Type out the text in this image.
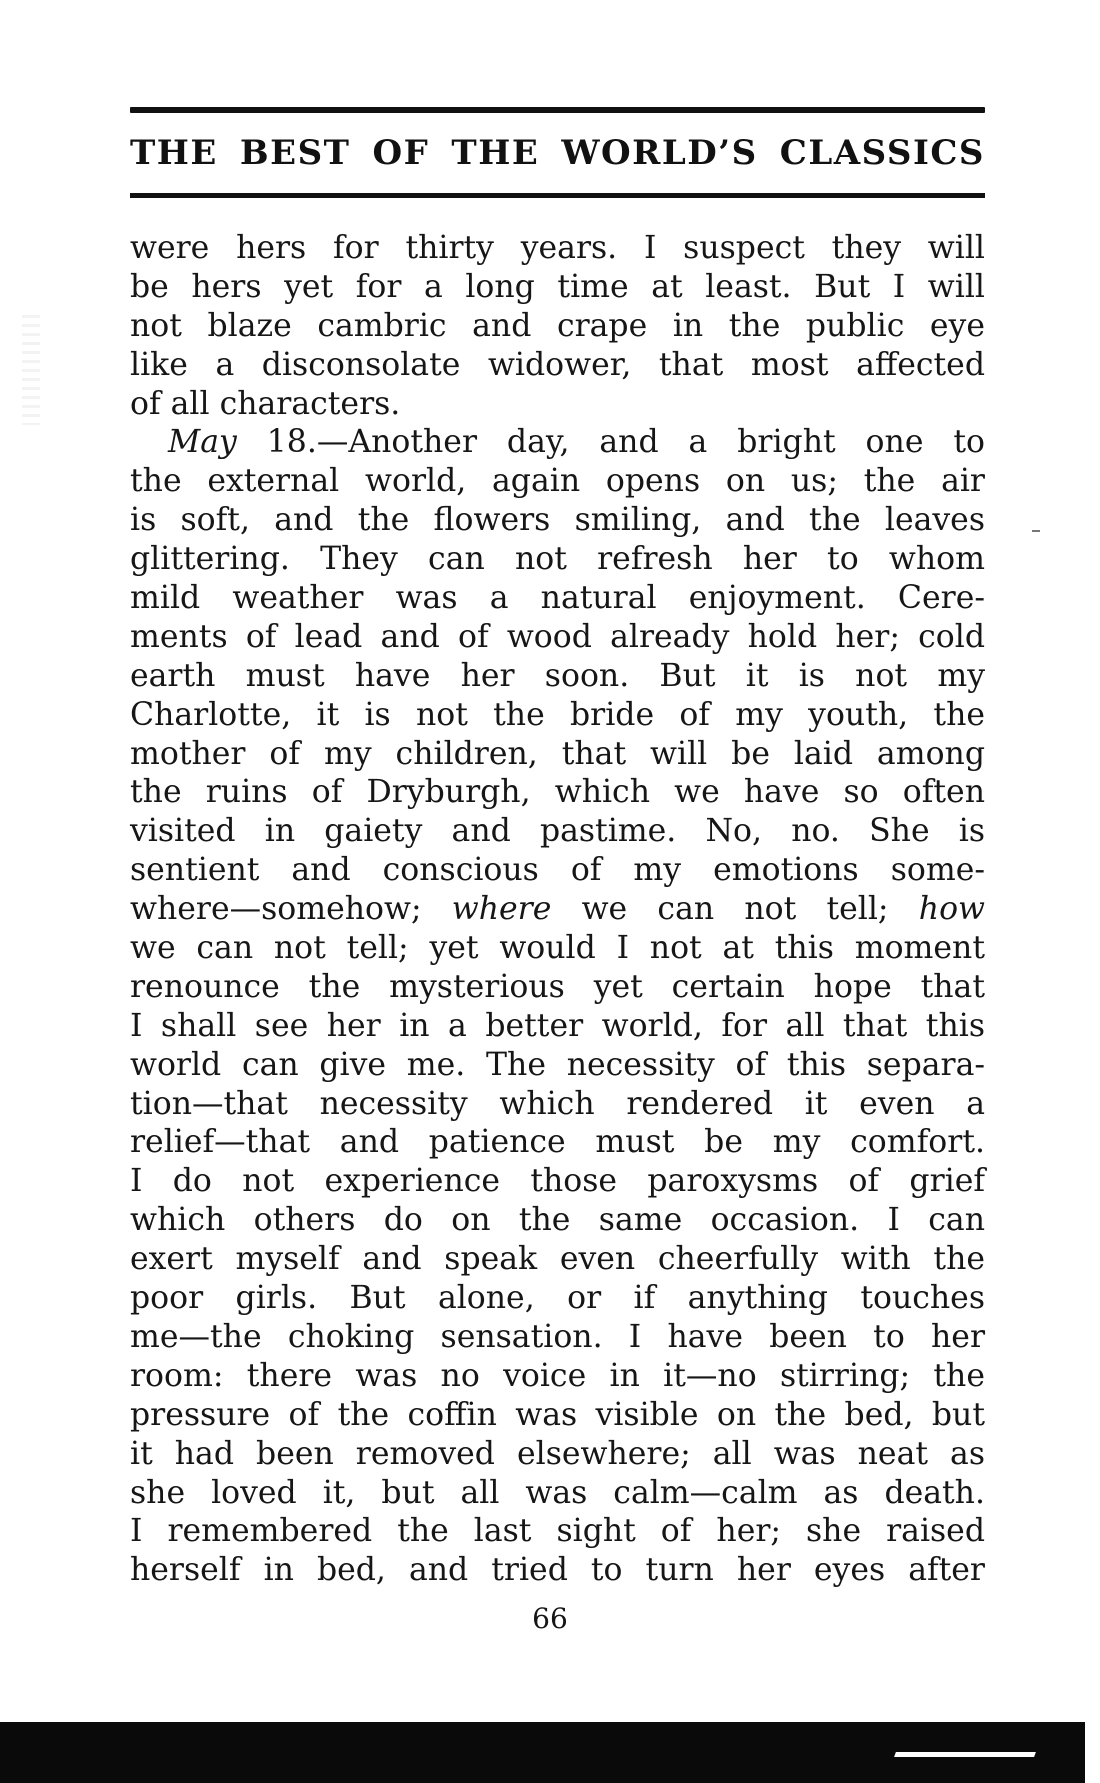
THE BEST OF THE WORLD’S CLASSICS
were hers for thirty years. I suspect they will
be hers yet for a long time at least. But I will
not blaze cambric and crape in the public eye
like a disconsolate widower, that most affected
of all characters.
May 18.—Another day, and a bright one to
the external world, again opens on us; the air
is soft, and the flowers smiling, and the leaves
glittering. They can not refresh her to whom
mild weather was a natural enjoyment. Cere-
ments of lead and of wood already hold her; cold
earth must have her soon. But it is not my
Charlotte, it is not the bride of my youth, the
mother of my children, that will be laid among
the ruins of Dryburgh, which we have so often
visited in gaiety and pastime. No, no. She is
sentient and conscious of my emotions some-
where—somehow; where we can not tell; how
we can not tell; yet would I not at this moment
renounce the mysterious yet certain hope that
I shall see her in a better world, for all that this
world can give me. The necessity of this separa-
tion—that necessity which rendered it even a
relief—that and patience must be my comfort.
I do not experience those paroxysms of grief
which others do on the same occasion. I can
exert myself and speak even cheerfully with the
poor girls. But alone, or if anything touches
me—the choking sensation. I have been to her
room: there was no voice in it—no stirring; the
pressure of the coffin was visible on the bed, but
it had been removed elsewhere; all was neat as
she loved it, but all was calm—calm as death.
I remembered the last sight of her; she raised
herself in bed, and tried to turn her eyes after
66
